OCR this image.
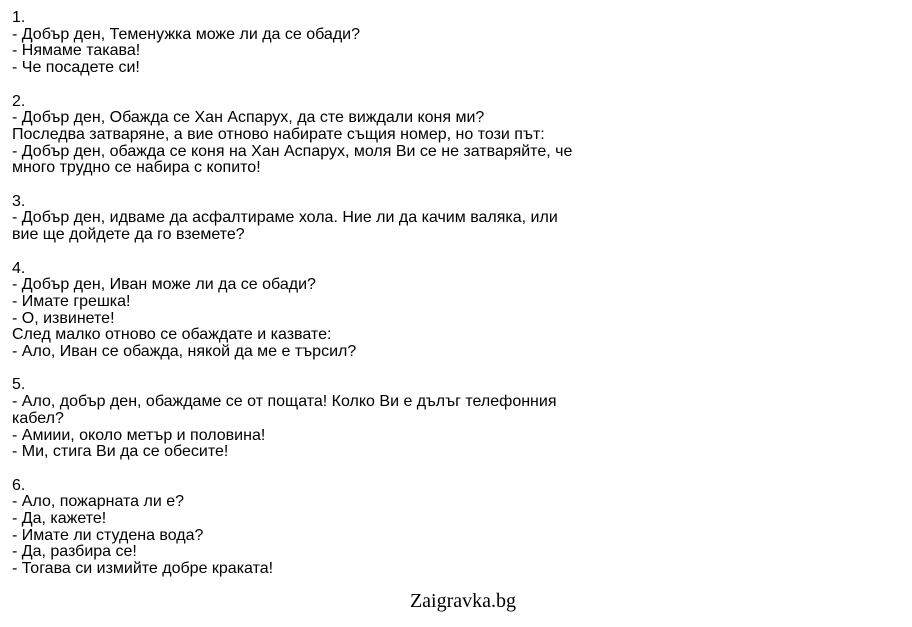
1.
- Добър ден, Теменужка може ли да се обади?
- Нямаме такава!
- Че посадете си!
2.
- Добър ден, Обажда се Хан Аспарух, да сте виждали коня ми?
Последва затваряне, а вие отново набирате същия номер, но този път:
- Добър ден, обажда се коня на Хан Аспарух, моля Ви се не затваряйте, че много трудно се набира с копито!
3.
- Добър ден, идваме да асфалтираме хола. Ние ли да качим валяка, или вие ще дойдете да го вземете?
4.
- Добър ден, Иван може ли да се обади?
- Имате грешка!
- О, извинете!
След малко отново се обаждате и казвате:
- Ало, Иван се обажда, някой да ме е търсил?
5.
- Ало, добър ден, обаждаме се от пощата! Колко Ви е дълъг телефонния кабел?
- Амиии, около метър и половина!
- Ми, стига Ви да се обесите!
6.
- Ало, пожарната ли е?
- Да, кажете!
- Имате ли студена вода?
- Да, разбира се!
- Тогава си измийте добре краката!
Zaigravka.bg
